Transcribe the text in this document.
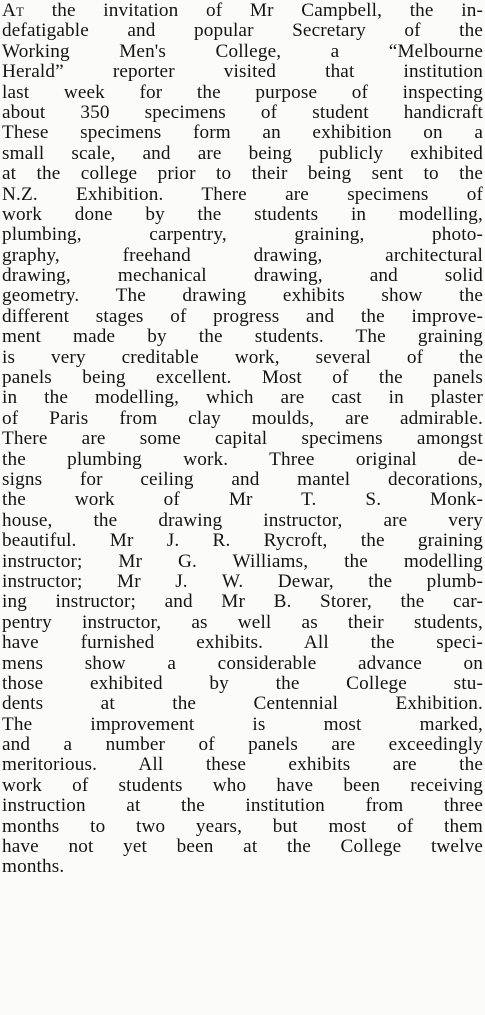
At the invitation of Mr Campbell, the in-
defatigable and popular Secretary of the
Working Men's College, a “Melbourne
Herald” reporter visited that institution
last week for the purpose of inspecting
about 350 specimens of student handicraft
These specimens form an exhibition on a
small scale, and are being publicly exhibited
at the college prior to their being sent to the
N.Z. Exhibition. There are specimens of
work done by the students in modelling,
plumbing, carpentry, graining, photo-
graphy, freehand drawing, architectural
drawing, mechanical drawing, and solid
geometry. The drawing exhibits show the
different stages of progress and the improve-
ment made by the students. The graining
is very creditable work, several of the
panels being excellent. Most of the panels
in the modelling, which are cast in plaster
of Paris from clay moulds, are admirable.
There are some capital specimens amongst
the plumbing work. Three original de-
signs for ceiling and mantel decorations,
the work of Mr T. S. Monk-
house, the drawing instructor, are very
beautiful. Mr J. R. Rycroft, the graining
instructor; Mr G. Williams, the modelling
instructor; Mr J. W. Dewar, the plumb-
ing instructor; and Mr B. Storer, the car-
pentry instructor, as well as their students,
have furnished exhibits. All the speci-
mens show a considerable advance on
those exhibited by the College stu-
dents at the Centennial Exhibition.
The improvement is most marked,
and a number of panels are exceedingly
meritorious. All these exhibits are the
work of students who have been receiving
instruction at the institution from three
months to two years, but most of them
have not yet been at the College twelve
months.
